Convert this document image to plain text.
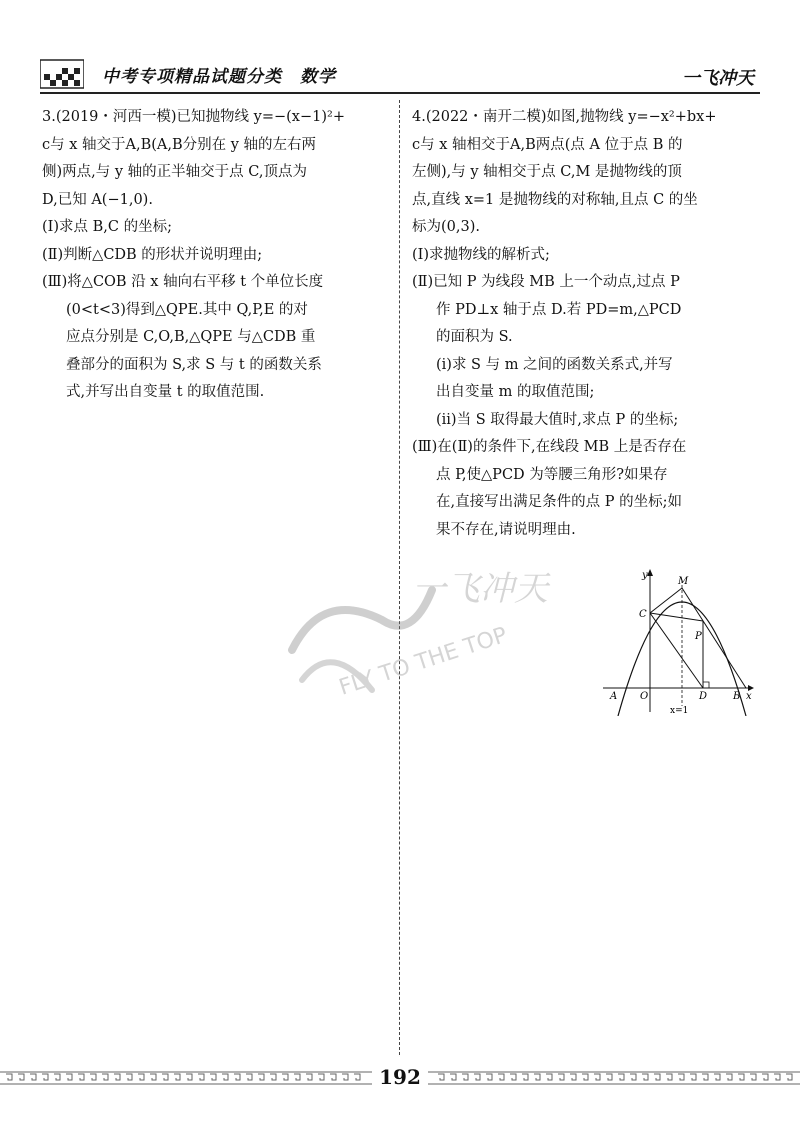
中考专项精品试题分类　数学	一飞冲天

3.(2019・河西一模)已知抛物线 y=−(x−1)²+

c与 x 轴交于A,B(A,B分别在 y 轴的左右两

侧)两点,与 y 轴的正半轴交于点 C,顶点为

D,已知 A(−1,0).

(Ⅰ)求点 B,C 的坐标;

(Ⅱ)判断△CDB 的形状并说明理由;

(Ⅲ)将△COB 沿 x 轴向右平移 t 个单位长度

(0<t<3)得到△QPE.其中 Q,P,E 的对

应点分别是 C,O,B,△QPE 与△CDB 重

叠部分的面积为 S,求 S 与 t 的函数关系

式,并写出自变量 t 的取值范围.

4.(2022・南开二模)如图,抛物线 y=−x²+bx+

c与 x 轴相交于A,B两点(点 A 位于点 B 的

左侧),与 y 轴相交于点 C,M 是抛物线的顶

点,直线 x=1 是抛物线的对称轴,且点 C 的坐

标为(0,3).

(Ⅰ)求抛物线的解析式;

(Ⅱ)已知 P 为线段 MB 上一个动点,过点 P

作 PD⊥x 轴于点 D.若 PD=m,△PCD

的面积为 S.

(ⅰ)求 S 与 m 之间的函数关系式,并写

出自变量 m 的取值范围;

(ⅱ)当 S 取得最大值时,求点 P 的坐标;

(Ⅲ)在(Ⅱ)的条件下,在线段 MB 上是否存在

点 P,使△PCD 为等腰三角形?如果存

在,直接写出满足条件的点 P 的坐标;如

果不存在,请说明理由.

一飞冲天
FLY TO THE TOP
y
M
C
P
A O	D	B x
x=1
192
